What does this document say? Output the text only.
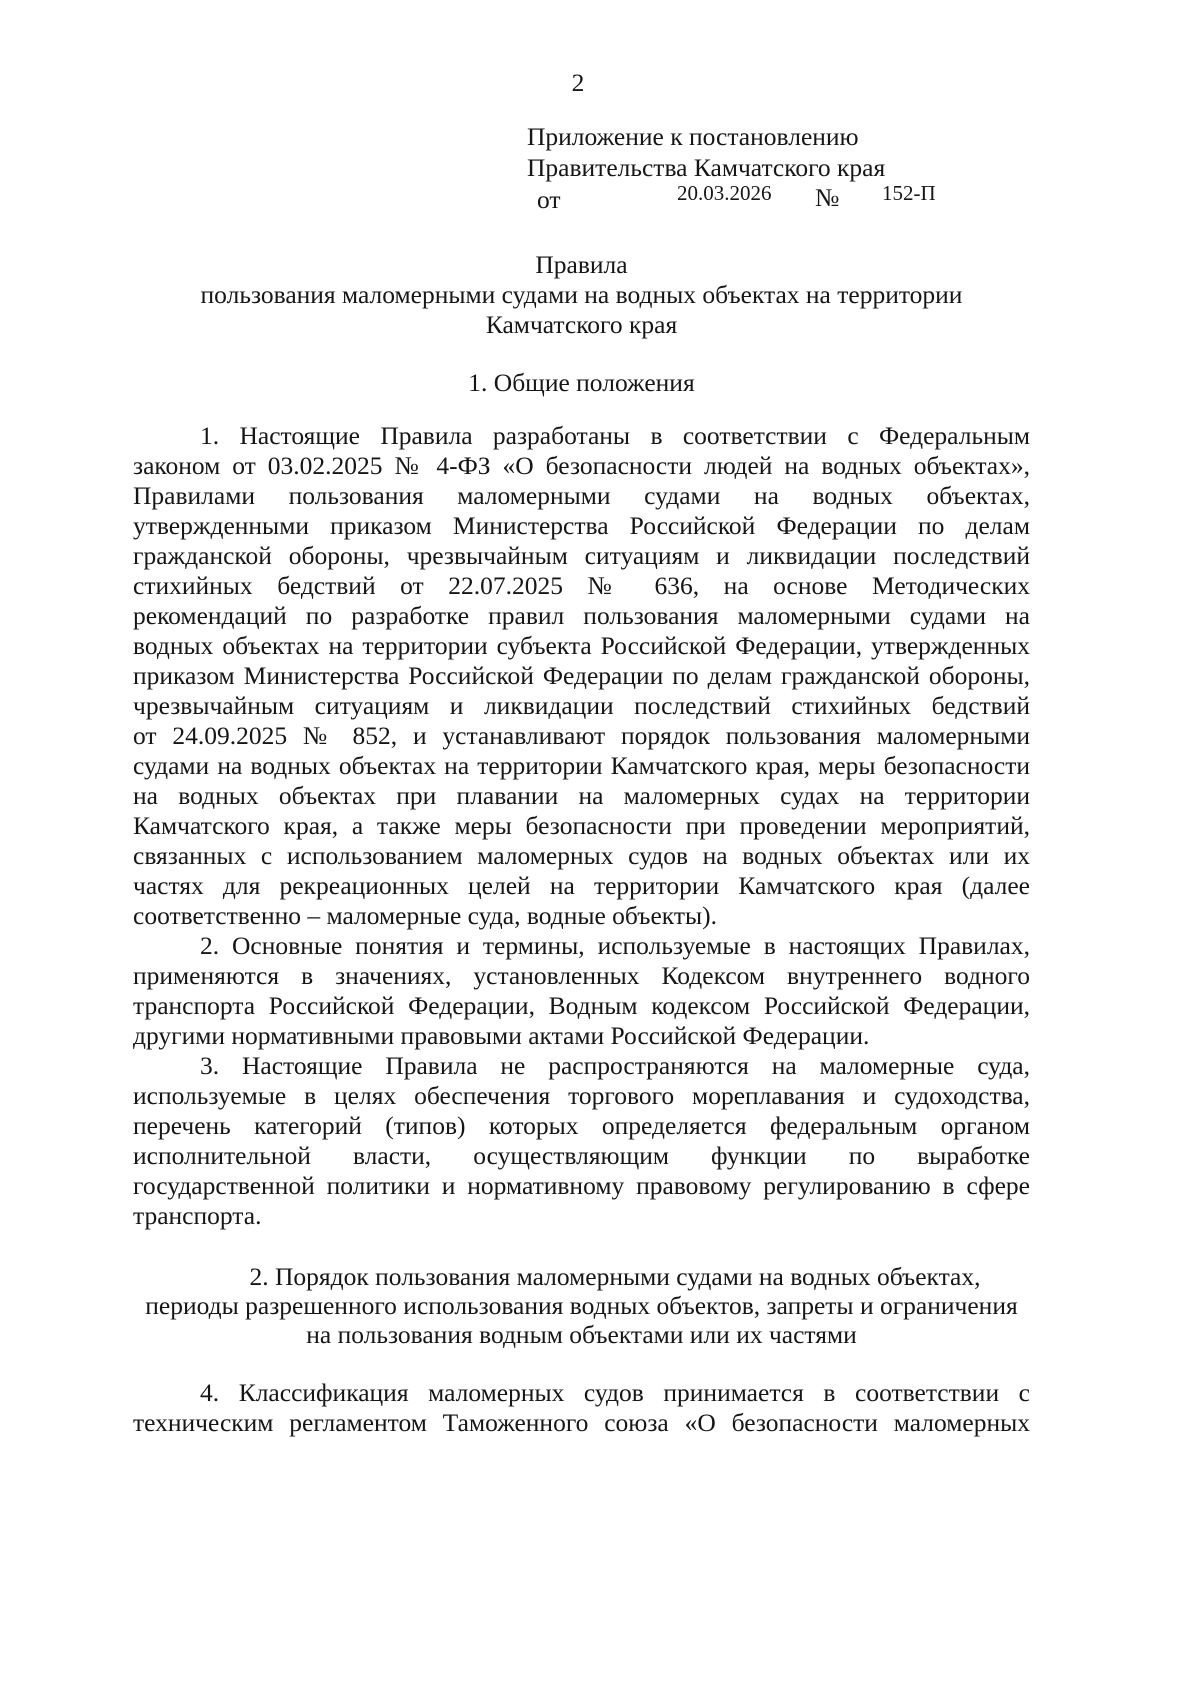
2
Приложение к постановлению
Правительства Камчатского края
от	20.03.2026 № 152-П
Правила
пользования маломерными судами на водных объектах на территории
Камчатского края
1. Общие положения
1. Настоящие Правила разработаны в соответствии с Федеральным
законом от 03.02.2025 № 4-ФЗ «О безопасности людей на водных объектах»,
Правилами пользования маломерными судами на водных объектах,
утвержденными приказом Министерства Российской Федерации по делам
гражданской обороны, чрезвычайным ситуациям и ликвидации последствий
стихийных бедствий от 22.07.2025 № 636, на основе Методических
рекомендаций по разработке правил пользования маломерными судами на
водных объектах на территории субъекта Российской Федерации, утвержденных
приказом Министерства Российской Федерации по делам гражданской обороны,
чрезвычайным ситуациям и ликвидации последствий стихийных бедствий
от 24.09.2025 № 852, и устанавливают порядок пользования маломерными
судами на водных объектах на территории Камчатского края, меры безопасности
на водных объектах при плавании на маломерных судах на территории
Камчатского края, а также меры безопасности при проведении мероприятий,
связанных с использованием маломерных судов на водных объектах или их
частях для рекреационных целей на территории Камчатского края (далее
соответственно – маломерные суда, водные объекты).
2. Основные понятия и термины, используемые в настоящих Правилах,
применяются в значениях, установленных Кодексом внутреннего водного
транспорта Российской Федерации, Водным кодексом Российской Федерации,
другими нормативными правовыми актами Российской Федерации.
3. Настоящие Правила не распространяются на маломерные суда,
используемые в целях обеспечения торгового мореплавания и судоходства,
перечень категорий (типов) которых определяется федеральным органом
исполнительной власти, осуществляющим функции по выработке
государственной политики и нормативному правовому регулированию в сфере
транспорта.
2. Порядок пользования маломерными судами на водных объектах,
периоды разрешенного использования водных объектов, запреты и ограничения
на пользования водным объектами или их частями
4. Классификация маломерных судов принимается в соответствии с
техническим регламентом Таможенного союза «О безопасности маломерных
